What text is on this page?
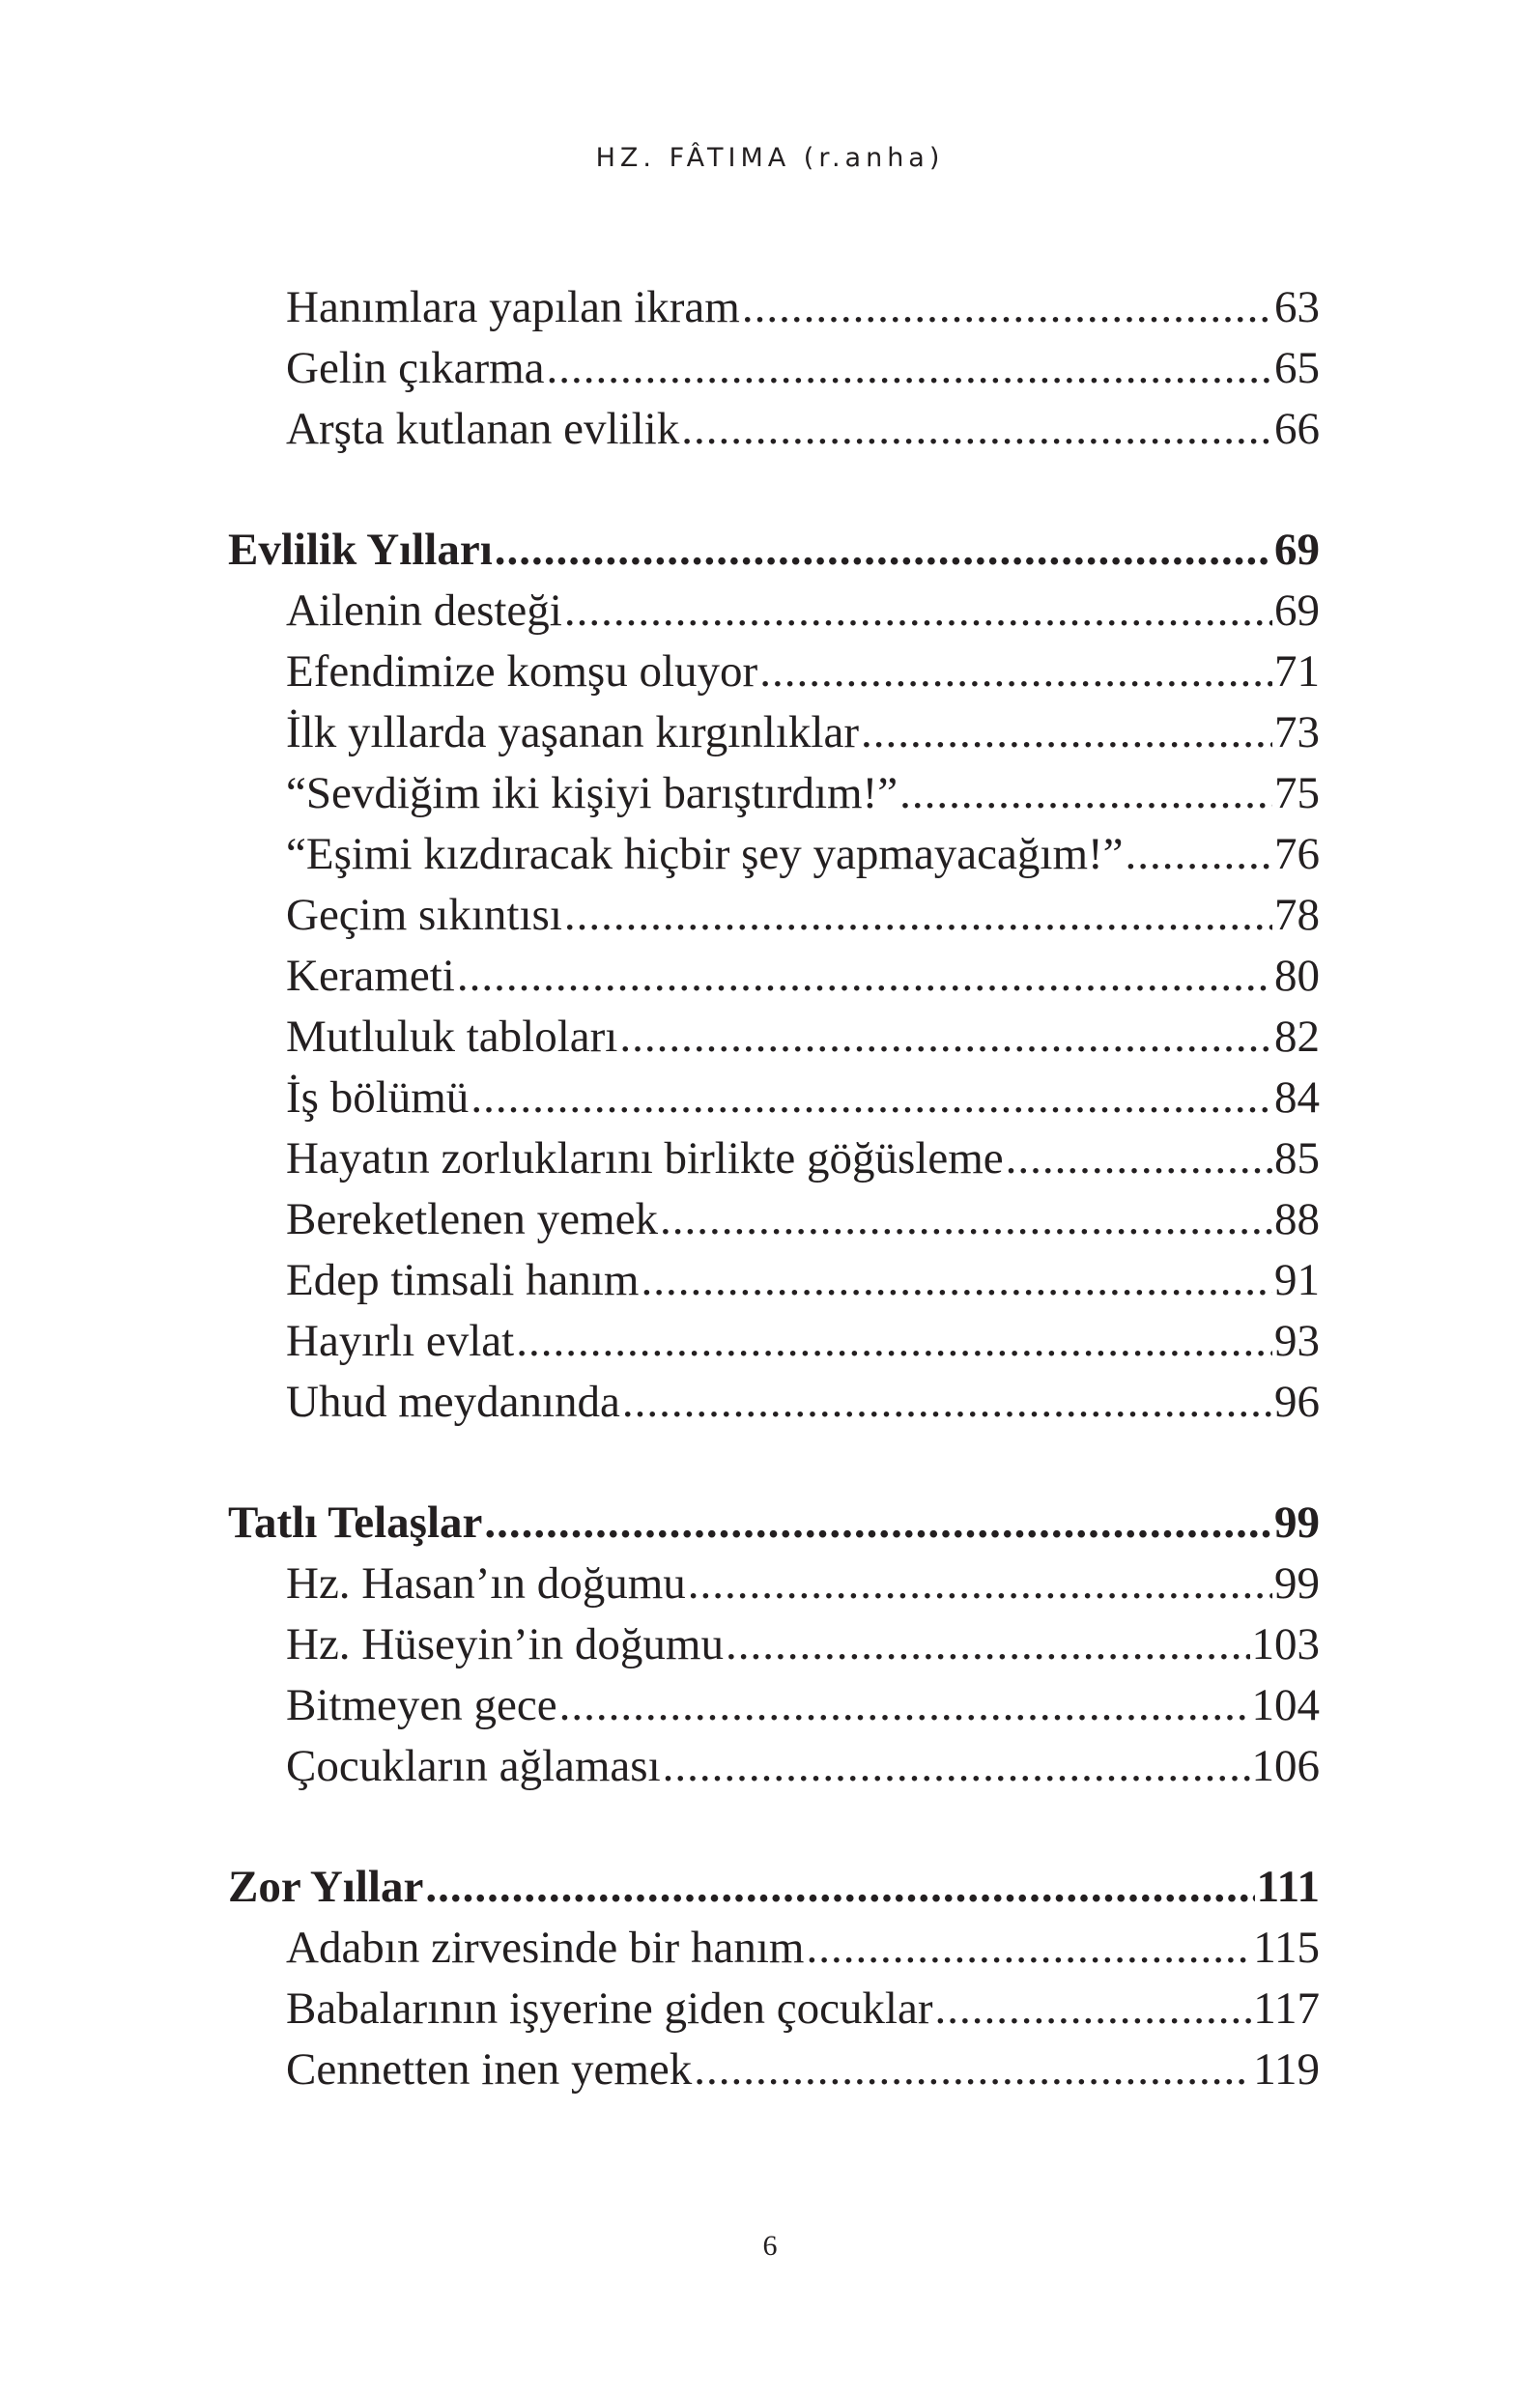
HZ. FÂTIMA (r.anha)
Hanımlara yapılan ikram .....	63
Gelin çıkarma .....	65
Arşta kutlanan evlilik .....	66
Evlilik Yılları .....	69
Ailenin desteği .....	69
Efendimize komşu oluyor .....	71
İlk yıllarda yaşanan kırgınlıklar .....	73
“Sevdiğim iki kişiyi barıştırdım!” .....	75
“Eşimi kızdıracak hiçbir şey yapmayacağım!” .....	76
Geçim sıkıntısı .....	78
Kerameti .....	80
Mutluluk tabloları .....	82
İş bölümü .....	84
Hayatın zorluklarını birlikte göğüsleme .....	85
Bereketlenen yemek .....	88
Edep timsali hanım .....	91
Hayırlı evlat .....	93
Uhud meydanında .....	96
Tatlı Telaşlar .....	99
Hz. Hasan’ın doğumu .....	99
Hz. Hüseyin’in doğumu .....	103
Bitmeyen gece .....	104
Çocukların ağlaması .....	106
Zor Yıllar .....	111
Adabın zirvesinde bir hanım .....	115
Babalarının işyerine giden çocuklar .....	117
Cennetten inen yemek .....	119
6
